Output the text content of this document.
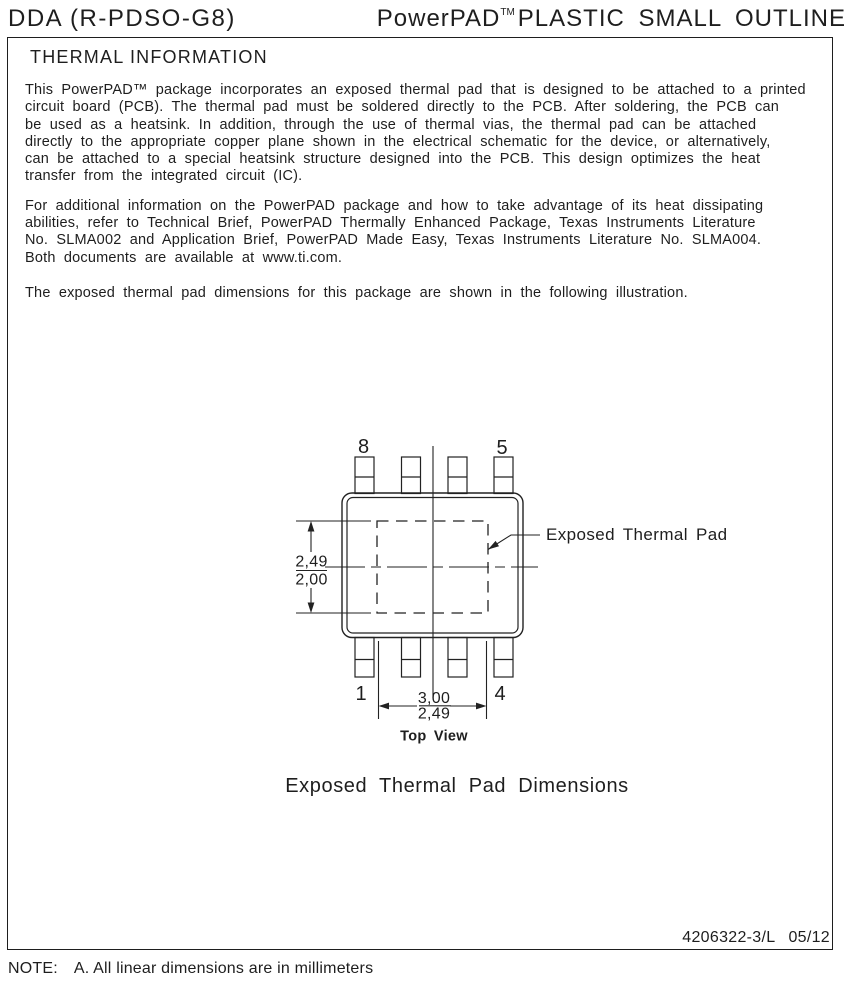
DDA (R-PDSO-G8)	PowerPADTM PLASTIC SMALL OUTLINE
THERMAL INFORMATION
This PowerPAD™ package incorporates an exposed thermal pad that is designed to be attached to a printed
circuit board (PCB). The thermal pad must be soldered directly to the PCB. After soldering, the PCB can
be used as a heatsink. In addition, through the use of thermal vias, the thermal pad can be attached
directly to the appropriate copper plane shown in the electrical schematic for the device, or alternatively,
can be attached to a special heatsink structure designed into the PCB. This design optimizes the heat
transfer from the integrated circuit (IC).
For additional information on the PowerPAD package and how to take advantage of its heat dissipating
abilities, refer to Technical Brief, PowerPAD Thermally Enhanced Package, Texas Instruments Literature
No. SLMA002 and Application Brief, PowerPAD Made Easy, Texas Instruments Literature No. SLMA004.
Both documents are available at www.ti.com.
The exposed thermal pad dimensions for this package are shown in the following illustration.
2,49
2,00
Exposed Thermal Pad
3,00
2,49
8	5
1	4
Top View
Exposed Thermal Pad Dimensions
4206322-3/L 05/12
NOTE: A. All linear dimensions are in millimeters
